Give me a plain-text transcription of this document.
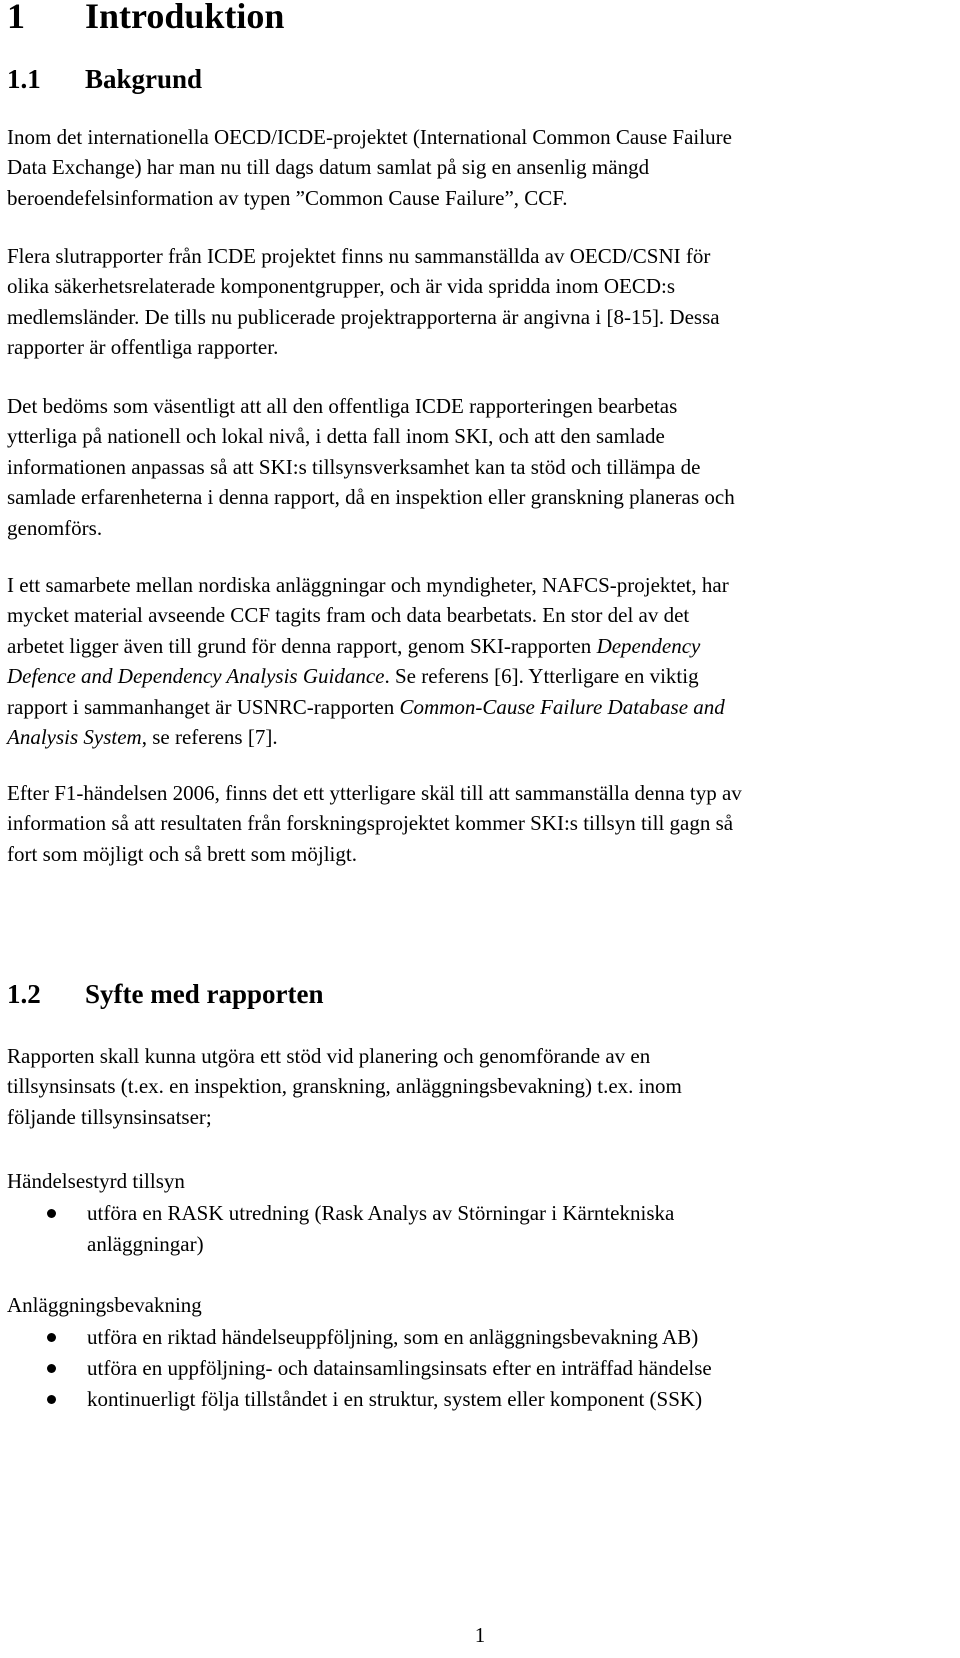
1 Introduktion
1.1 Bakgrund

Inom det internationella OECD/ICDE-projektet (International Common Cause Failure
Data Exchange) har man nu till dags datum samlat på sig en ansenlig mängd
beroendefelsinformation av typen ”Common Cause Failure”, CCF.

Flera slutrapporter från ICDE projektet finns nu sammanställda av OECD/CSNI för
olika säkerhetsrelaterade komponentgrupper, och är vida spridda inom OECD:s
medlemsländer. De tills nu publicerade projektrapporterna är angivna i [8-15]. Dessa
rapporter är offentliga rapporter.

Det bedöms som väsentligt att all den offentliga ICDE rapporteringen bearbetas
ytterliga på nationell och lokal nivå, i detta fall inom SKI, och att den samlade
informationen anpassas så att SKI:s tillsynsverksamhet kan ta stöd och tillämpa de
samlade erfarenheterna i denna rapport, då en inspektion eller granskning planeras och
genomförs.

I ett samarbete mellan nordiska anläggningar och myndigheter, NAFCS-projektet, har
mycket material avseende CCF tagits fram och data bearbetats. En stor del av det
arbetet ligger även till grund för denna rapport, genom SKI-rapporten Dependency
Defence and Dependency Analysis Guidance. Se referens [6]. Ytterligare en viktig
rapport i sammanhanget är USNRC-rapporten Common-Cause Failure Database and
Analysis System, se referens [7].

Efter F1-händelsen 2006, finns det ett ytterligare skäl till att sammanställa denna typ av
information så att resultaten från forskningsprojektet kommer SKI:s tillsyn till gagn så
fort som möjligt och så brett som möjligt.

1.2 Syfte med rapporten

Rapporten skall kunna utgöra ett stöd vid planering och genomförande av en
tillsynsinsats (t.ex. en inspektion, granskning, anläggningsbevakning) t.ex. inom
följande tillsynsinsatser;

Händelsestyrd tillsyn

utföra en RASK utredning (Rask Analys av Störningar i Kärntekniska
anläggningar)

Anläggningsbevakning

utföra en riktad händelseuppföljning, som en anläggningsbevakning AB)
utföra en uppföljning- och datainsamlingsinsats efter en inträffad händelse
kontinuerligt följa tillståndet i en struktur, system eller komponent (SSK)
1
